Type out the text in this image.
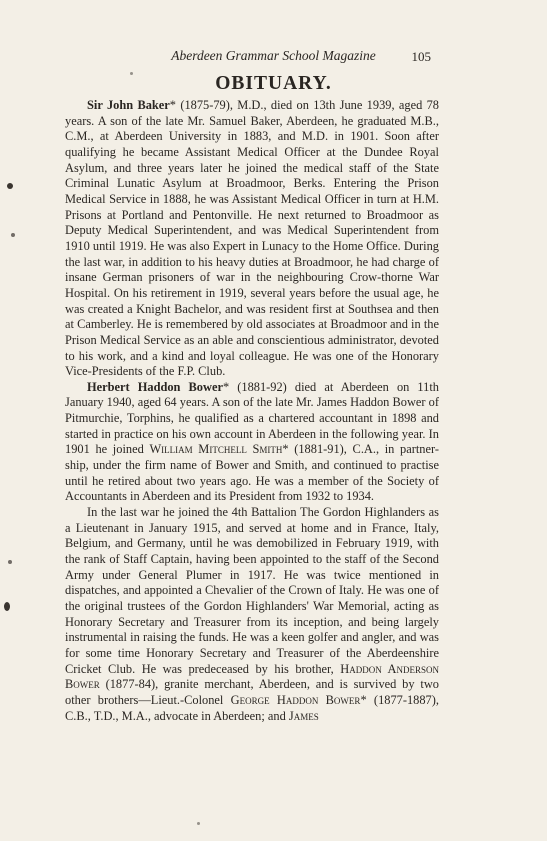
Aberdeen Grammar School Magazine	105
OBITUARY.

Sir John Baker* (1875-79), M.D., died on 13th June 1939, aged 78 years. A son of the late Mr. Samuel Baker, Aberdeen, he graduated M.B., C.M., at Aberdeen University in 1883, and M.D. in 1901. Soon after qualifying he became Assistant Medical Officer at the Dundee Royal Asylum, and three years later he joined the medical staff of the State Criminal Lunatic Asylum at Broadmoor, Berks. Entering the Prison Medical Service in 1888, he was Assistant Medical Officer in turn at H.M. Prisons at Portland and Pentonville. He next returned to Broadmoor as Deputy Medical Superintendent, and was Medical Superintendent from 1910 until 1919. He was also Expert in Lunacy to the Home Office. During the last war, in addition to his heavy duties at Broadmoor, he had charge of insane German prisoners of war in the neighbouring Crow-thorne War Hospital. On his retirement in 1919, several years before the usual age, he was created a Knight Bachelor, and was resident first at Southsea and then at Camberley. He is remembered by old associates at Broadmoor and in the Prison Medical Service as an able and conscientious administrator, devoted to his work, and a kind and loyal colleague. He was one of the Honorary Vice-Presidents of the F.P. Club.

Herbert Haddon Bower* (1881-92) died at Aberdeen on 11th January 1940, aged 64 years. A son of the late Mr. James Haddon Bower of Pitmurchie, Torphins, he qualified as a chartered accountant in 1898 and started in practice on his own account in Aberdeen in the following year. In 1901 he joined William Mitchell Smith* (1881-91), C.A., in partner-ship, under the firm name of Bower and Smith, and continued to practise until he retired about two years ago. He was a member of the Society of Accountants in Aberdeen and its President from 1932 to 1934.

In the last war he joined the 4th Battalion The Gordon Highlanders as a Lieutenant in January 1915, and served at home and in France, Italy, Belgium, and Germany, until he was demobilized in February 1919, with the rank of Staff Captain, having been appointed to the staff of the Second Army under General Plumer in 1917. He was twice mentioned in dispatches, and appointed a Chevalier of the Crown of Italy. He was one of the original trustees of the Gordon Highlanders' War Memorial, acting as Honorary Secretary and Treasurer from its inception, and being largely instrumental in raising the funds. He was a keen golfer and angler, and was for some time Honorary Secretary and Treasurer of the Aberdeenshire Cricket Club. He was predeceased by his brother, Haddon Anderson Bower (1877-84), granite merchant, Aberdeen, and is survived by two other brothers—Lieut.-Colonel George Haddon Bower* (1877-1887), C.B., T.D., M.A., advocate in Aberdeen; and James
